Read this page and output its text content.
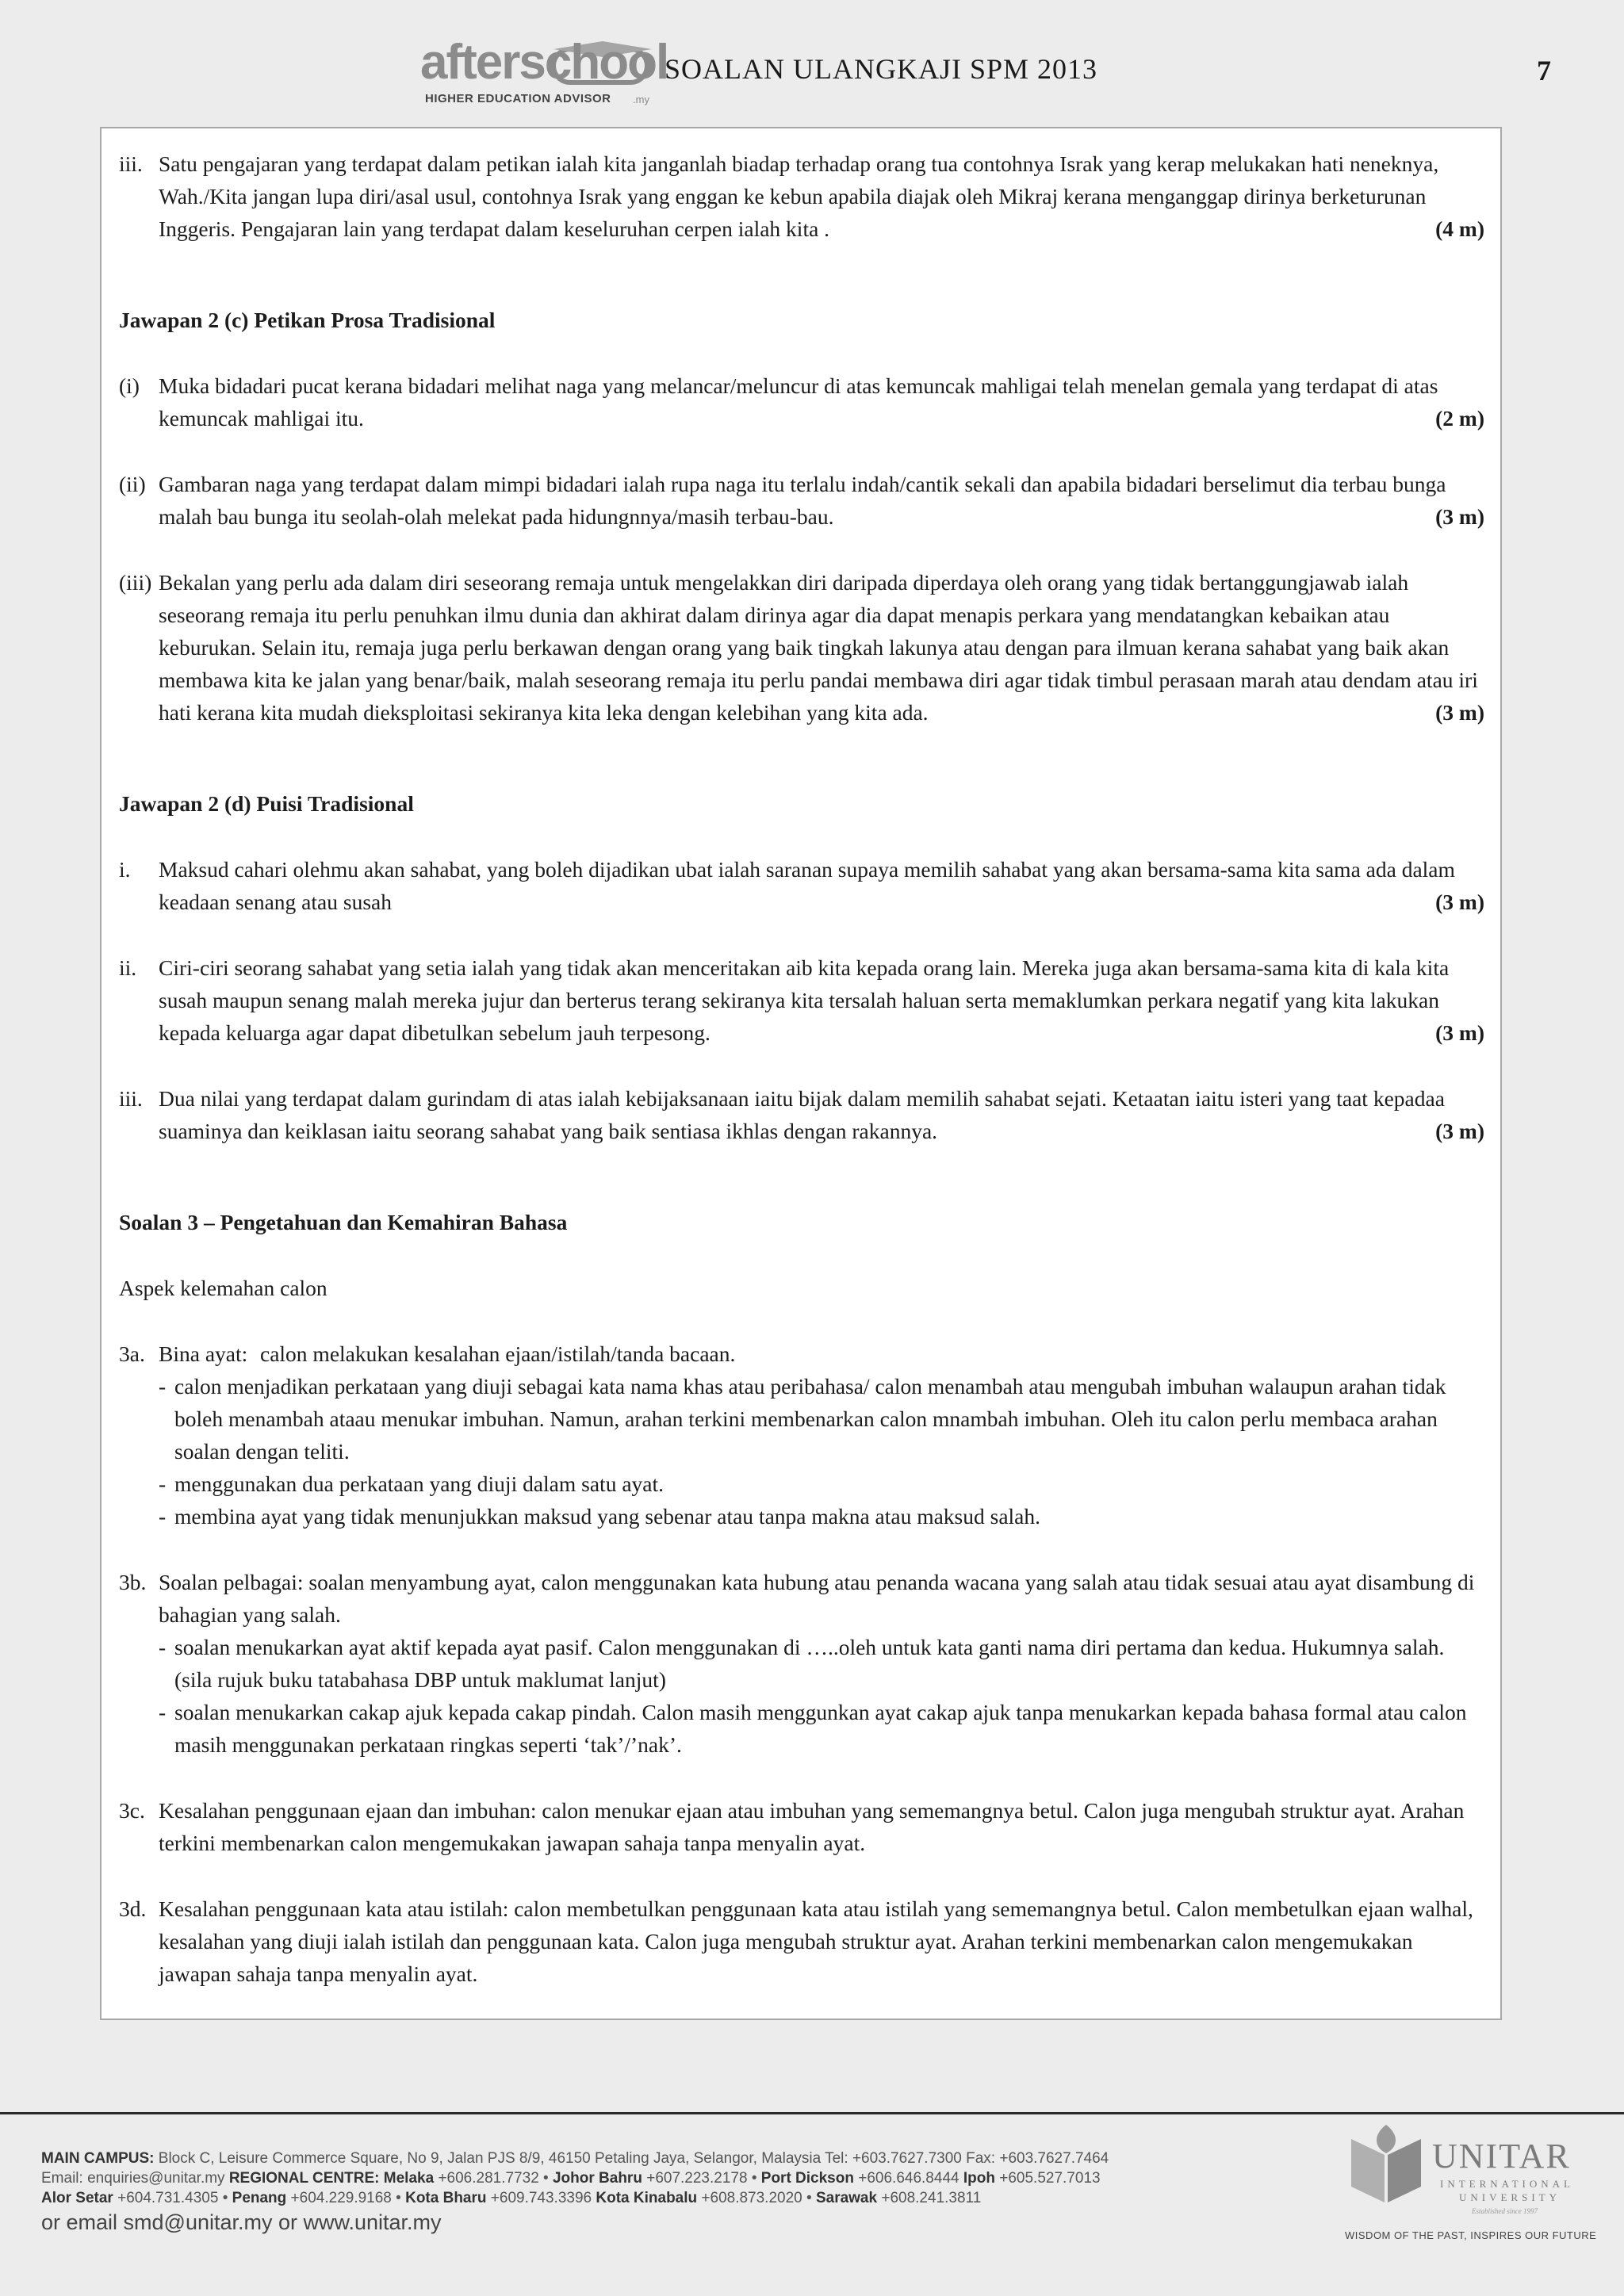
afterschool
HIGHER EDUCATION ADVISOR .my
SOALAN ULANGKAJI SPM 2013	7
iii. Satu pengajaran yang terdapat dalam petikan ialah kita janganlah biadap terhadap orang tua contohnya Israk yang kerap melukakan hati neneknya, Wah./Kita jangan lupa diri/asal usul, contohnya Israk yang enggan ke kebun apabila diajak oleh Mikraj kerana menganggap dirinya berketurunan Inggeris. Pengajaran lain yang terdapat dalam keseluruhan cerpen ialah kita .	(4 m)
Jawapan 2 (c) Petikan Prosa Tradisional
(i) Muka bidadari pucat kerana bidadari melihat naga yang melancar/meluncur di atas kemuncak mahligai telah menelan gemala yang terdapat di atas kemuncak mahligai itu.	(2 m)
(ii) Gambaran naga yang terdapat dalam mimpi bidadari ialah rupa naga itu terlalu indah/cantik sekali dan apabila bidadari berselimut dia terbau bunga malah bau bunga itu seolah-olah melekat pada hidungnnya/masih terbau-bau.	(3 m)
(iii) Bekalan yang perlu ada dalam diri seseorang remaja untuk mengelakkan diri daripada diperdaya oleh orang yang tidak bertanggungjawab ialah seseorang remaja itu perlu penuhkan ilmu dunia dan akhirat dalam dirinya agar dia dapat menapis perkara yang mendatangkan kebaikan atau keburukan. Selain itu, remaja juga perlu berkawan dengan orang yang baik tingkah lakunya atau dengan para ilmuan kerana sahabat yang baik akan membawa kita ke jalan yang benar/baik, malah seseorang remaja itu perlu pandai membawa diri agar tidak timbul perasaan marah atau dendam atau iri hati kerana kita mudah dieksploitasi sekiranya kita leka dengan kelebihan yang kita ada.	(3 m)
Jawapan 2 (d) Puisi Tradisional
i.	Maksud cahari olehmu akan sahabat, yang boleh dijadikan ubat ialah saranan supaya memilih sahabat yang akan bersama-sama kita sama ada dalam keadaan senang atau susah	(3 m)
ii.	Ciri-ciri seorang sahabat yang setia ialah yang tidak akan menceritakan aib kita kepada orang lain. Mereka juga akan bersama-sama kita di kala kita susah maupun senang malah mereka jujur dan berterus terang sekiranya kita tersalah haluan serta memaklumkan perkara negatif yang kita lakukan kepada keluarga agar dapat dibetulkan sebelum jauh terpesong.	(3 m)
iii. Dua nilai yang terdapat dalam gurindam di atas ialah kebijaksanaan iaitu bijak dalam memilih sahabat sejati. Ketaatan iaitu isteri yang taat kepadaa suaminya dan keiklasan iaitu seorang sahabat yang baik sentiasa ikhlas dengan rakannya.	(3 m)
Soalan 3 – Pengetahuan dan Kemahiran Bahasa
Aspek kelemahan calon
3a. Bina ayat: calon melakukan kesalahan ejaan/istilah/tanda bacaan.
- calon menjadikan perkataan yang diuji sebagai kata nama khas atau peribahasa/ calon menambah atau mengubah imbuhan walaupun arahan tidak boleh menambah ataau menukar imbuhan. Namun, arahan terkini membenarkan calon mnambah imbuhan. Oleh itu calon perlu membaca arahan soalan dengan teliti.
- menggunakan dua perkataan yang diuji dalam satu ayat.
- membina ayat yang tidak menunjukkan maksud yang sebenar atau tanpa makna atau maksud salah.
3b. Soalan pelbagai: soalan menyambung ayat, calon menggunakan kata hubung atau penanda wacana yang salah atau tidak sesuai atau ayat disambung di bahagian yang salah.
- soalan menukarkan ayat aktif kepada ayat pasif. Calon menggunakan di …..oleh untuk kata ganti nama diri pertama dan kedua. Hukumnya salah. (sila rujuk buku tatabahasa DBP untuk maklumat lanjut)
- soalan menukarkan cakap ajuk kepada cakap pindah. Calon masih menggunkan ayat cakap ajuk tanpa menukarkan kepada bahasa formal atau calon masih menggunakan perkataan ringkas seperti ‘tak’/’nak’.
3c. Kesalahan penggunaan ejaan dan imbuhan: calon menukar ejaan atau imbuhan yang sememangnya betul. Calon juga mengubah struktur ayat. Arahan terkini membenarkan calon mengemukakan jawapan sahaja tanpa menyalin ayat.
3d. Kesalahan penggunaan kata atau istilah: calon membetulkan penggunaan kata atau istilah yang sememangnya betul. Calon membetulkan ejaan walhal, kesalahan yang diuji ialah istilah dan penggunaan kata. Calon juga mengubah struktur ayat. Arahan terkini membenarkan calon mengemukakan jawapan sahaja tanpa menyalin ayat.
MAIN CAMPUS: Block C, Leisure Commerce Square, No 9, Jalan PJS 8/9, 46150 Petaling Jaya, Selangor, Malaysia Tel: +603.7627.7300 Fax: +603.7627.7464
Email: enquiries@unitar.my REGIONAL CENTRE: Melaka +606.281.7732 • Johor Bahru +607.223.2178 • Port Dickson +606.646.8444 Ipoh +605.527.7013
Alor Setar +604.731.4305 • Penang +604.229.9168 • Kota Bharu +609.743.3396 Kota Kinabalu +608.873.2020 • Sarawak +608.241.3811
or email smd@unitar.my or www.unitar.my
UNITAR
INTERNATIONAL
UNIVERSITY
Established since 1997
WISDOM OF THE PAST, INSPIRES OUR FUTURE
